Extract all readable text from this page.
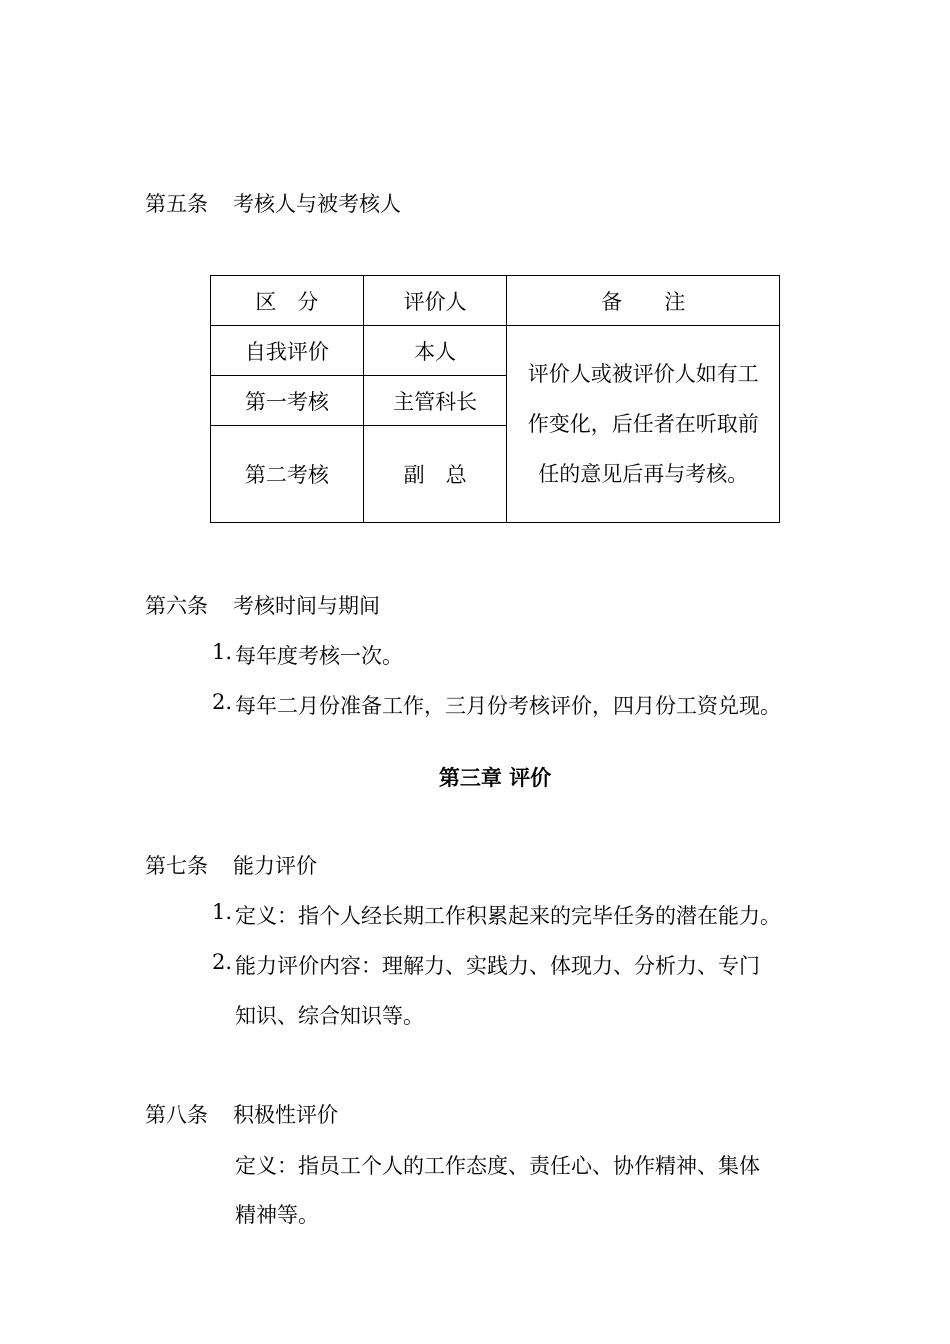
第五条 考核人与被考核人
区　分	评价人	备　　注
自我评价	本人	评价人或被评价人如有工作变化，后任者在听取前任的意见后再与考核。
第一考核	主管科长	
第二考核	副　总	
第六条 考核时间与期间
1. 每年度考核一次。
2. 每年二月份准备工作，三月份考核评价，四月份工资兑现。
第三章 评价
第七条 能力评价
1. 定义：指个人经长期工作积累起来的完毕任务的潜在能力。
2. 能力评价内容：理解力、实践力、体现力、分析力、专门
知识、综合知识等。
第八条 积极性评价
定义：指员工个人的工作态度、责任心、协作精神、集体
精神等。
